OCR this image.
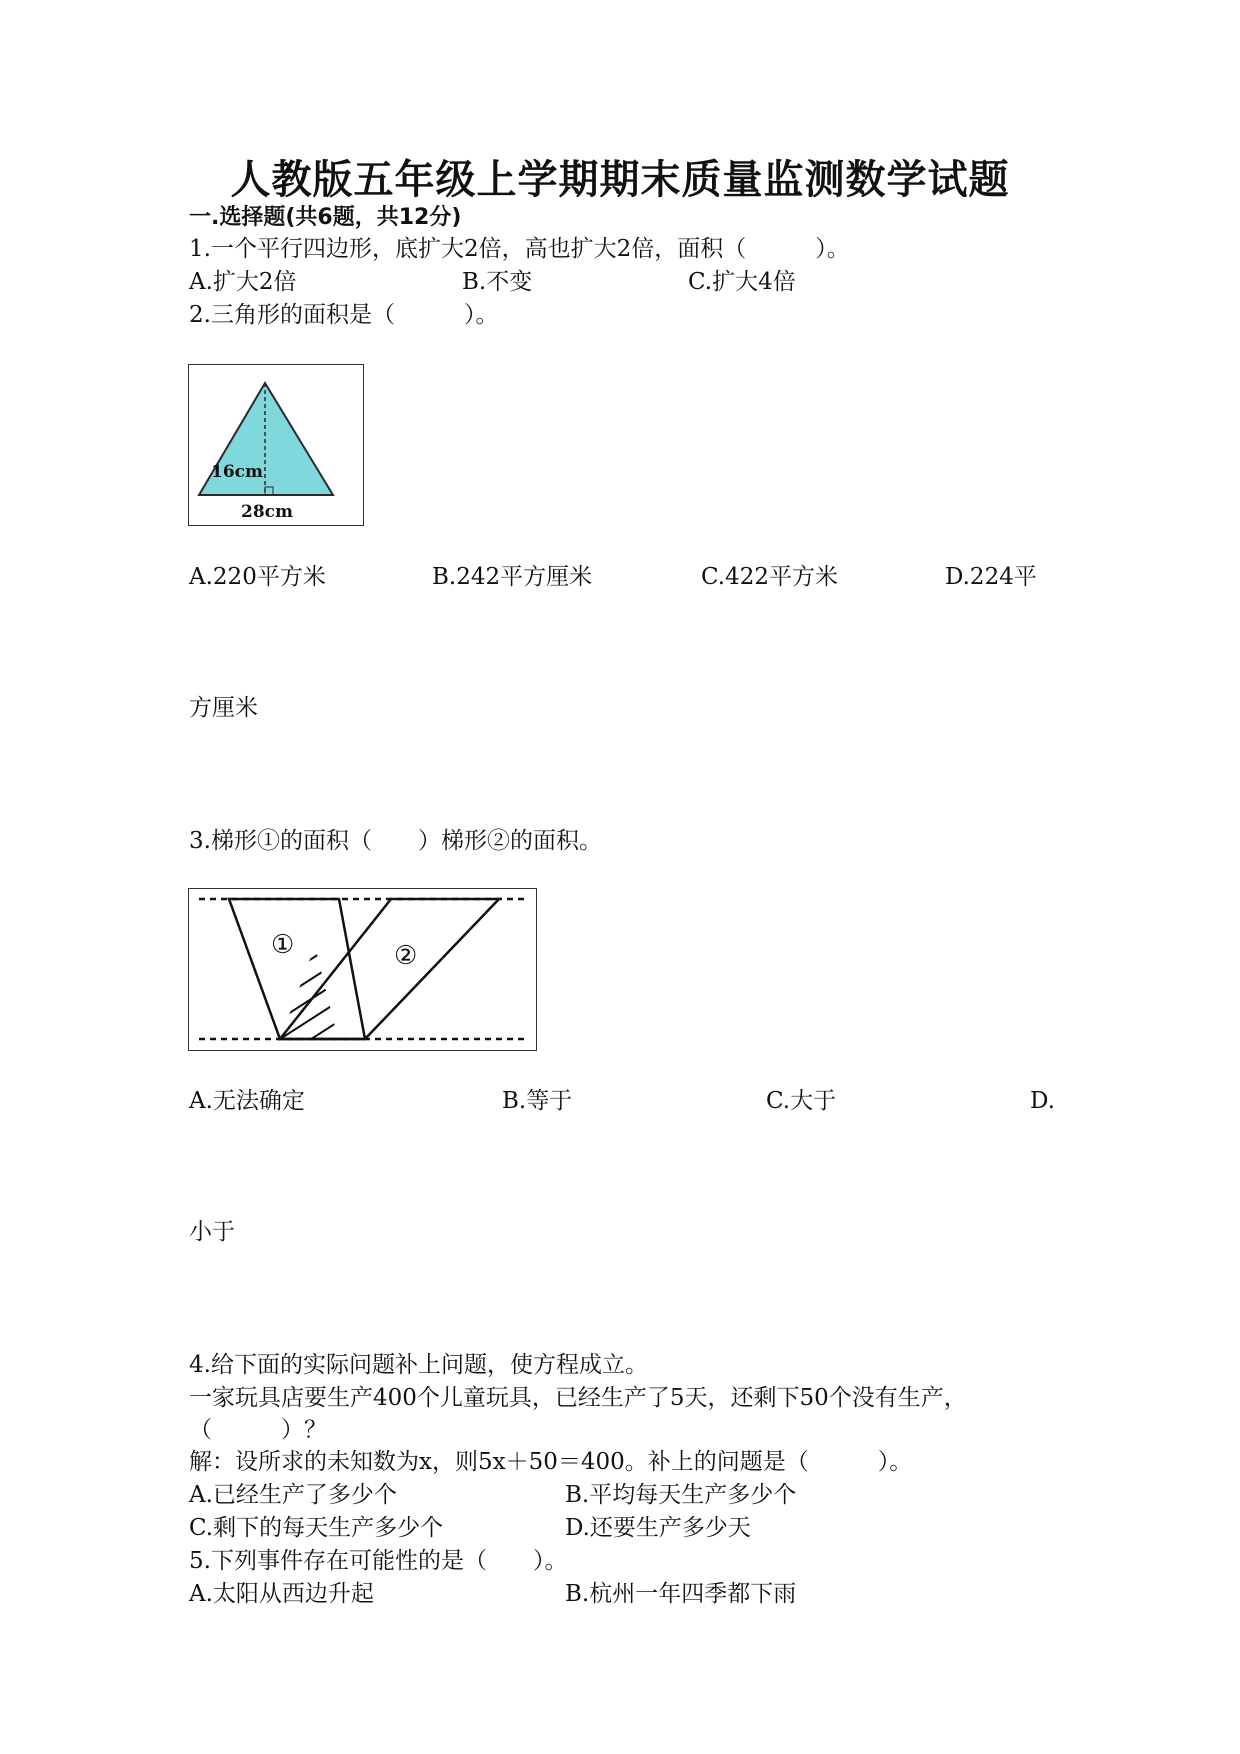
人教版五年级上学期期末质量监测数学试题
一.选择题(共6题，共12分)
1.一个平行四边形，底扩大2倍，高也扩大2倍，面积（　　　）。
A.扩大2倍	B.不变	C.扩大4倍
2.三角形的面积是（　　　）。
16cm
28cm
A.220平方米	B.242平方厘米	C.422平方米	D.224平
方厘米
3.梯形①的面积（　　）梯形②的面积。
①	②
A.无法确定	B.等于	C.大于	D.
小于
4.给下面的实际问题补上问题，使方程成立。
一家玩具店要生产400个儿童玩具，已经生产了5天，还剩下50个没有生产，
（　　　）？
解：设所求的未知数为x，则5x＋50＝400。补上的问题是（　　　）。
A.已经生产了多少个	B.平均每天生产多少个
C.剩下的每天生产多少个	D.还要生产多少天
5.下列事件存在可能性的是（　　）。
A.太阳从西边升起	B.杭州一年四季都下雨
